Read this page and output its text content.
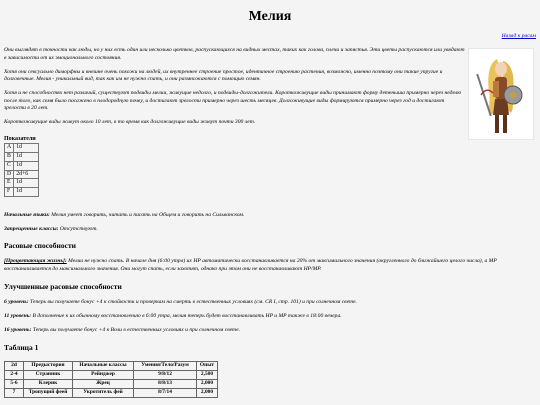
Мелия
Назад к расам

Они выглядят в точности как люды, но у них есть один или несколько цветков, распускающихся на видных местах, таких как голова, плечи и запястья. Эти цветы распускаются или увядают в зависимости от их эмоционального состояния.

Хотя они сексуально диморфны и внешне очень похожи на людей, их внутреннее строение простое, идентичное строению растения, возможно, именно поэтому они такие упругие и долговечные. Мелия - уникальный вид, так как им не нужно спать, и они размножаются с помощью семян.

Хотя и не способностях нет различий, существуют подвиды мелии, живущие недолго, и подвиды-долгожители. Короткоживущие виды принимают форму детеныша примерно через неделю после того, как семя было посажено в плодородную почву, и достигают зрелости примерно через шесть месяцев. Долгоживущие виды формируются примерно через год и достигают зрелости в 20 лет.

Короткоживущие виды живут около 10 лет, в то время как долгоживущие виды живут почти 300 лет.

Показатели
A	1d
B	1d
C	1d
D	2d+6
E	1d
F	1d
Начальные языки: Мелия умеет говорить, читать и писать на Общем и говорить на Сильванском.
Запрещенные классы: Отсутствуют.
Расовые способности
[Процветающая жизнь]: Мелии не нужно спать. В начале дня (6:00 утра) их HP автоматически восстанавливается на 20% от максимального значения (округленного до ближайшего целого числа), а MP восстанавливается до максимального значения. Они могут спать, если захотят, однако при этом они не восстанавливают HP/MP.
Улучшенные расовые способности
6 уровень: Теперь вы получаете бонус +4 к стойкости и проверкам на смерть в естественных условиях (см. CR I, стр. 101) и при солнечном свете.
11 уровень: В дополнение к их обычному восстановлению в 6:00 утра, мелия теперь будет восстанавливать HP и MP также в 18:00 вечера.
16 уровень: Теперь вы получаете бонус +4 к Воли в естественных условиях и при солнечном свете.
Таблица 1
2d	Предыстория	Начальные классы	Умения/Тело/Разум	Опыт
2-4	Странник	Рейнджер	9/8/12	2,500
5-6	Клерик	Жрец	8/8/13	2,000
7	Тропущий феей	Укротитель фей	8/7/14	2,000
